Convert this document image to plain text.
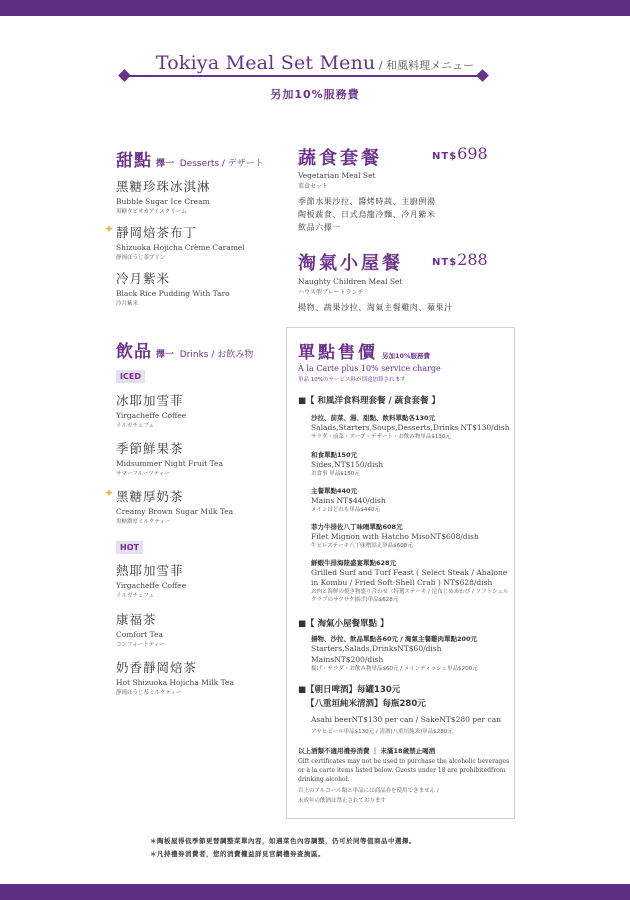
Tokiya Meal Set Menu / 和風料理メニュー
另加10%服務費
甜點 擇一 Desserts / デザート
黑糖珍珠冰淇淋
Bubble Sugar Ice Cream
黒糖タピオカアイスクリーム
✦ 靜岡焙茶布丁
Shizuoka Hojicha Crème Caramel
静岡ほうじ茶プリン
冷月紫米
Black Rice Pudding With Taro
冷月紫米
蔬食套餐	NT$698
Vegetarian Meal Set
菜食セット
季節水果沙拉、醬烤時蔬、主廚例湯
陶板蔬食、日式烏龍冷麵、冷月紫米
飲品六擇一
淘氣小屋餐	NT$288
Naughty Children Meal Set
ハウス型プレートランチ
揚物、蔬果沙拉、淘氣主餐雞肉、蘋果汁
飲品 擇一 Drinks / お飲み物
ICED
冰耶加雪菲
Yirgacheffe Coffee
イルガチェフェ
季節鮮果茶
Midsummer Night Fruit Tea
サマーフルーツティー
✦ 黑糖厚奶茶
Creamy Brown Sugar Milk Tea
黒糖濃厚ミルクティー
HOT
熱耶加雪菲
Yirgacheffe Coffee
イルガチェフェ
康福茶
Comfort Tea
コンフォートティー
奶香靜岡焙茶
Hot Shizuoka Hojicha Milk Tea
静岡ほうじ茶ミルクティー
單點售價 另加10%服務費
À la Carte plus 10% service charge
単品 10%のサービス料が別途加算されます
■【 和風洋食料理套餐 / 蔬食套餐 】
沙拉、前菜、湯、甜點、飲料單點各130元
Salads,Starters,Soups,Desserts,Drinks NT$130/dish
サラダ・前菜・スープ・デザート・お飲み物単品$130元
和食單點150元
Sides,NT$150/dish
お食事 単品$150元
主餐單點440元
Mains NT$440/dish
メインはどれも単品$440元
菲力牛排佐八丁味噌單點608元
Filet Mignon with Hatcho MisoNT$608/dish
牛ヒレステーキ八丁味噌添え単品$608元
鮮蝦牛排海陸盛宴單點628元
Grilled Surf and Turf Feast ( Select Steak / Abalone in Kombu / Fried Soft-Shell Crab ) NT$628/dish
お肉と海鮮の焼き物盛り合わせ（特選ステーキ / 昆布じめあわび / ソフトシェルクラブのサクサク揚げ)単品$628元
■【 淘氣小屋餐單點 】
揚物、沙拉、飲品單點各60元 / 淘氣主餐雞肉單點200元
Starters,Salads,DrinksNT$60/dish
MainsNT$200/dish
揚げ・サラダ・お飲み物単品$60元 / メインディッシュ単品$200元
■【朝日啤酒】每罐130元
【八重垣純米清酒】每瓶280元
Asahi beerNT$130 per can / SakeNT$280 per can
アサヒビール単品$130元 / 清酒(八重垣純米)単品$280元
以上酒類不適用禮券消費 ｜ 未滿18歲禁止喝酒
Gift certificates may not be used to purchase the alcoholic beverages or à la carte items listed below. Guests under 18 are prohibitedfrom drinking alcohol.
以上のアルコール類と単品には商品券を使用できません /
未成年の飲酒は禁止されております
＊陶板屋得依季節更替調整菜單內容，如遇菜色內容調整，仍可於同等值商品中選擇。
＊凡持禮券消費者，您的消費權益詳見官網禮券查詢區。
